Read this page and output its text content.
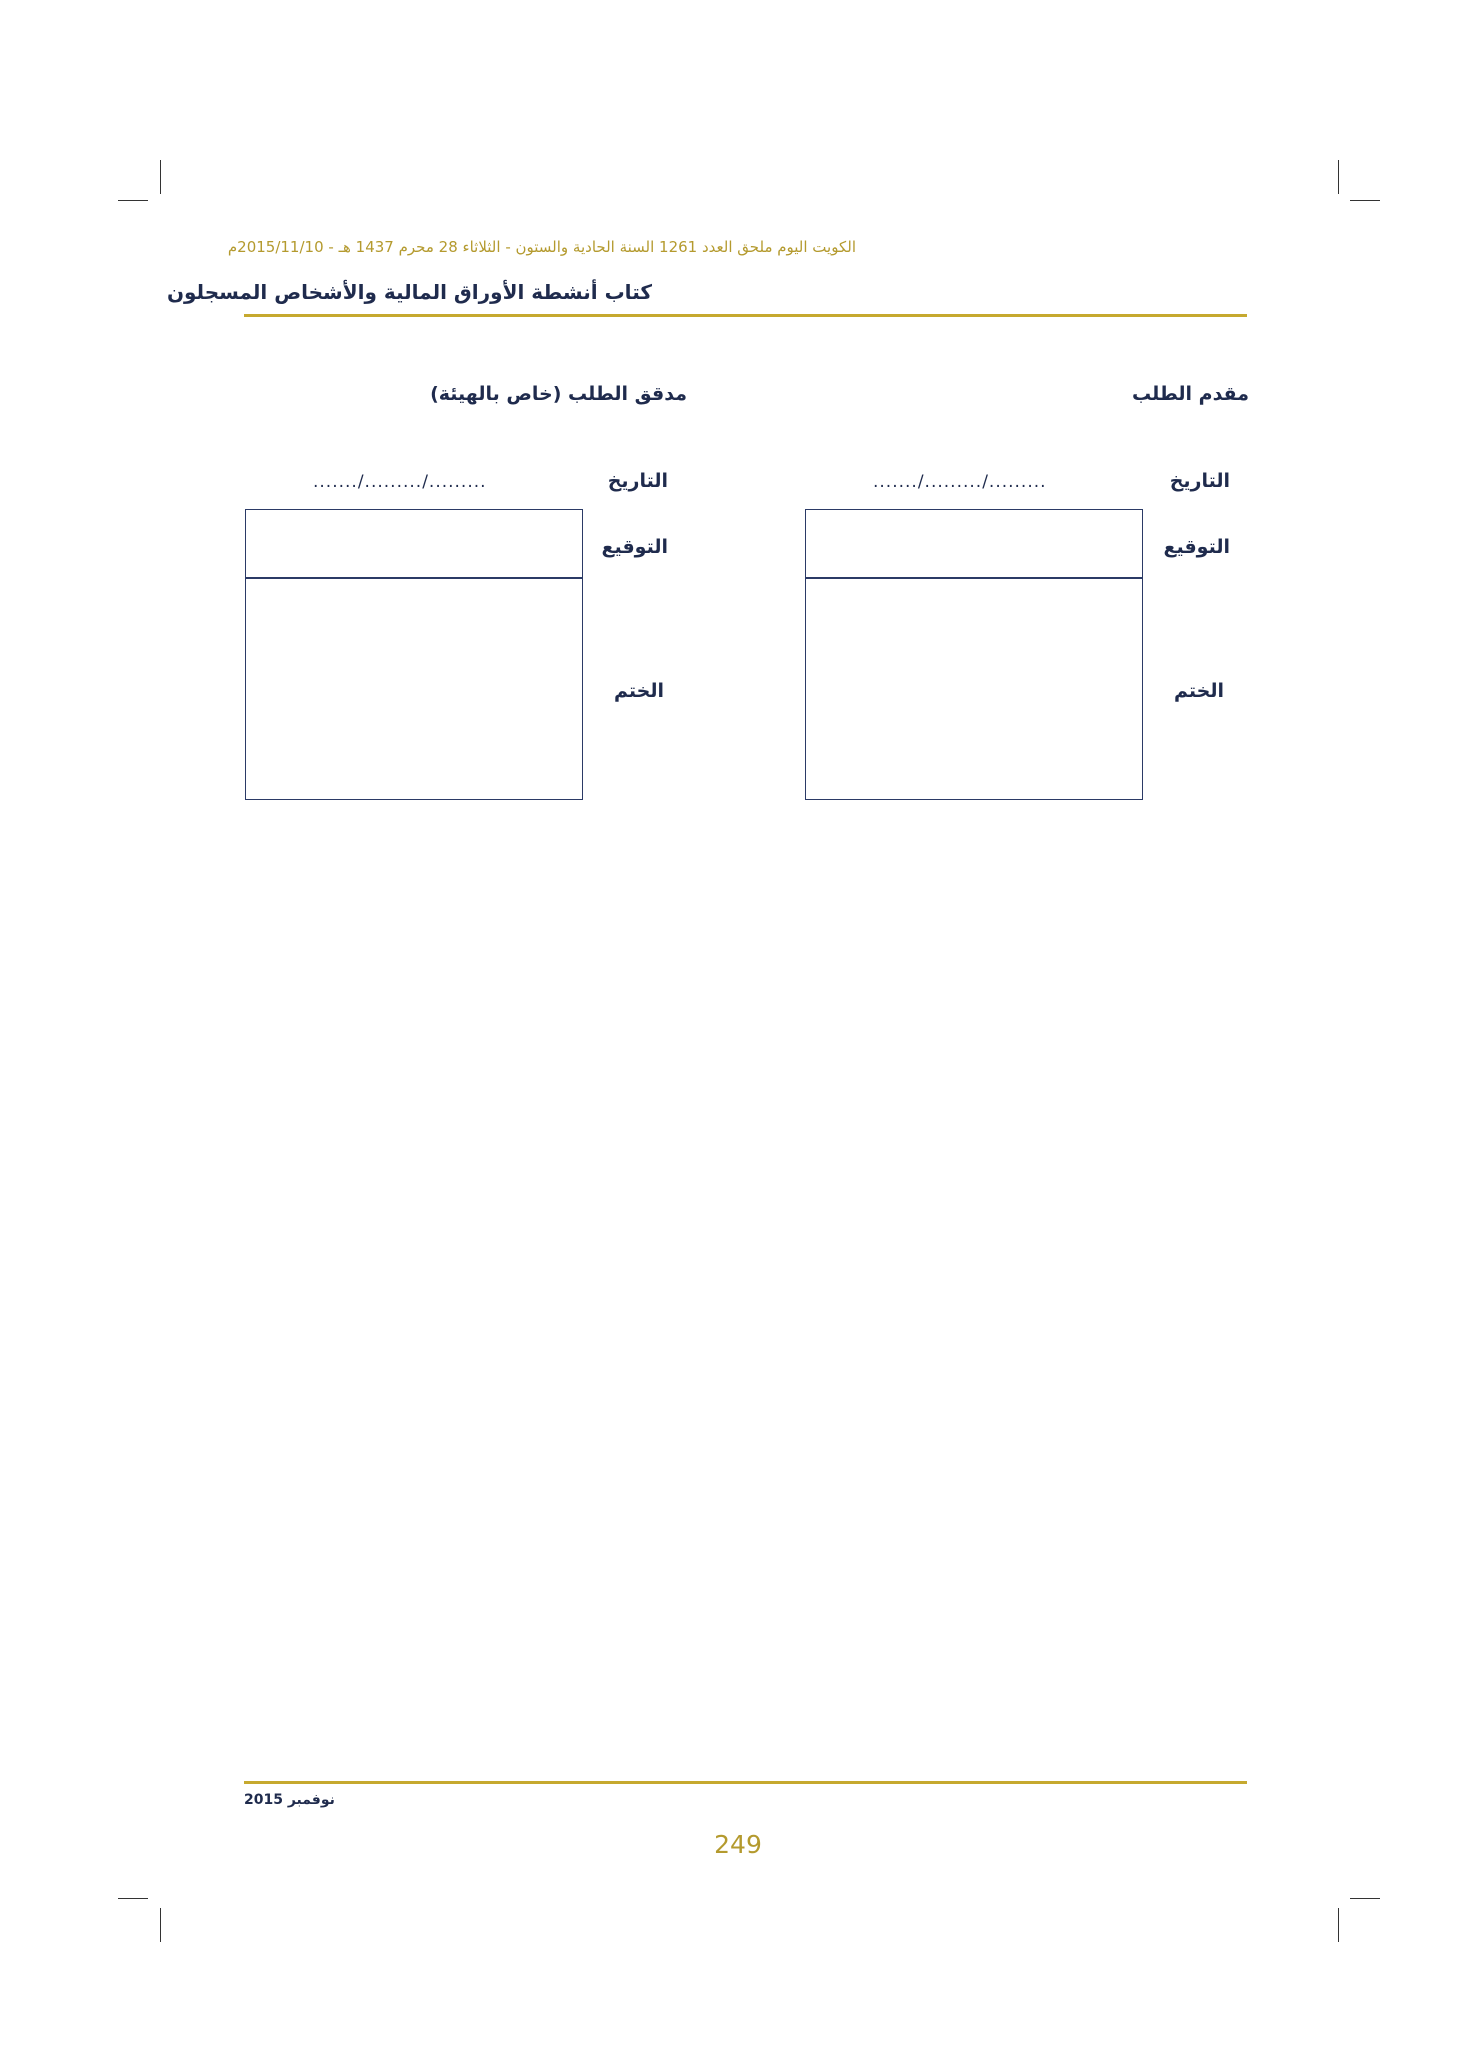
الكويت اليوم ملحق العدد 1261 السنة الحادية والستون - الثلاثاء 28 محرم 1437 هـ - 2015/11/10م
كتاب أنشطة الأوراق المالية والأشخاص المسجلون
مقدم الطلب
التاريخ
......./........./.........
التوقيع
الختم
مدقق الطلب (خاص بالهيئة)
التاريخ
......./........./.........
التوقيع
الختم
نوفمبر 2015
249
